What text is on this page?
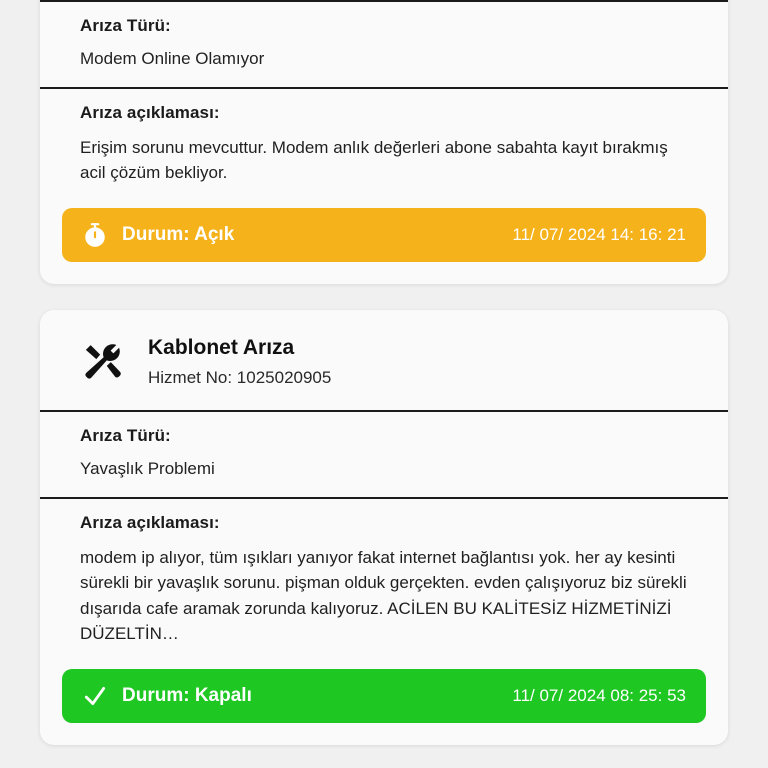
Arıza Türü:

Modem Online Olamıyor

Arıza açıklaması:

Erişim sorunu mevcuttur. Modem anlık değerleri abone sabahta kayıt bırakmış acil çözüm bekliyor.

Durum: Açık	11/ 07/ 2024 14: 16: 21

Kablonet Arıza

Hizmet No: 1025020905

Arıza Türü:

Yavaşlık Problemi

Arıza açıklaması:

modem ip alıyor, tüm ışıkları yanıyor fakat internet bağlantısı yok. her ay kesinti sürekli bir yavaşlık sorunu. pişman olduk gerçekten. evden çalışıyoruz biz sürekli dışarıda cafe aramak zorunda kalıyoruz. ACİLEN BU KALİTESİZ HİZMETİNİZİ DÜZELTİN…

Durum: Kapalı	11/ 07/ 2024 08: 25: 53
